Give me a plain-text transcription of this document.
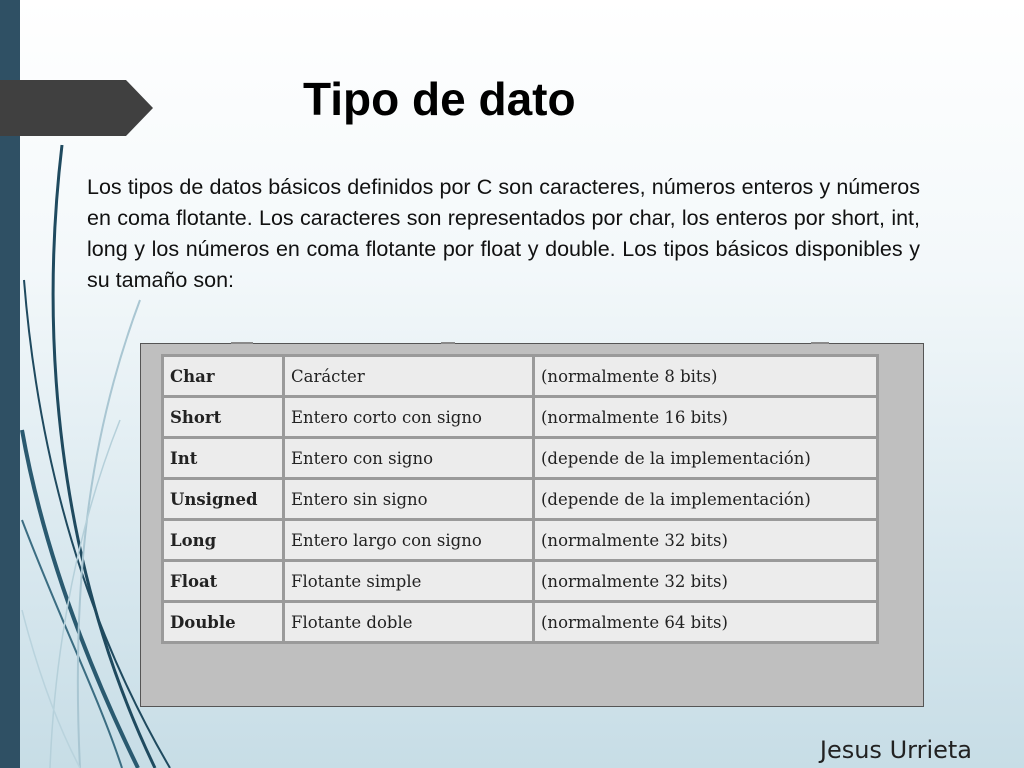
Tipo de dato

Los tipos de datos básicos definidos por C son caracteres, números enteros y números en coma flotante. Los caracteres son representados por char, los enteros por short, int, long y los números en coma flotante por float y double. Los tipos básicos disponibles y su tamaño son:

Char	Carácter	(normalmente 8 bits)
Short	Entero corto con signo	(normalmente 16 bits)
Int	Entero con signo	(depende de la implementación)
Unsigned	Entero sin signo	(depende de la implementación)
Long	Entero largo con signo	(normalmente 32 bits)
Float	Flotante simple	(normalmente 32 bits)
Double	Flotante doble	(normalmente 64 bits)

Jesus Urrieta
